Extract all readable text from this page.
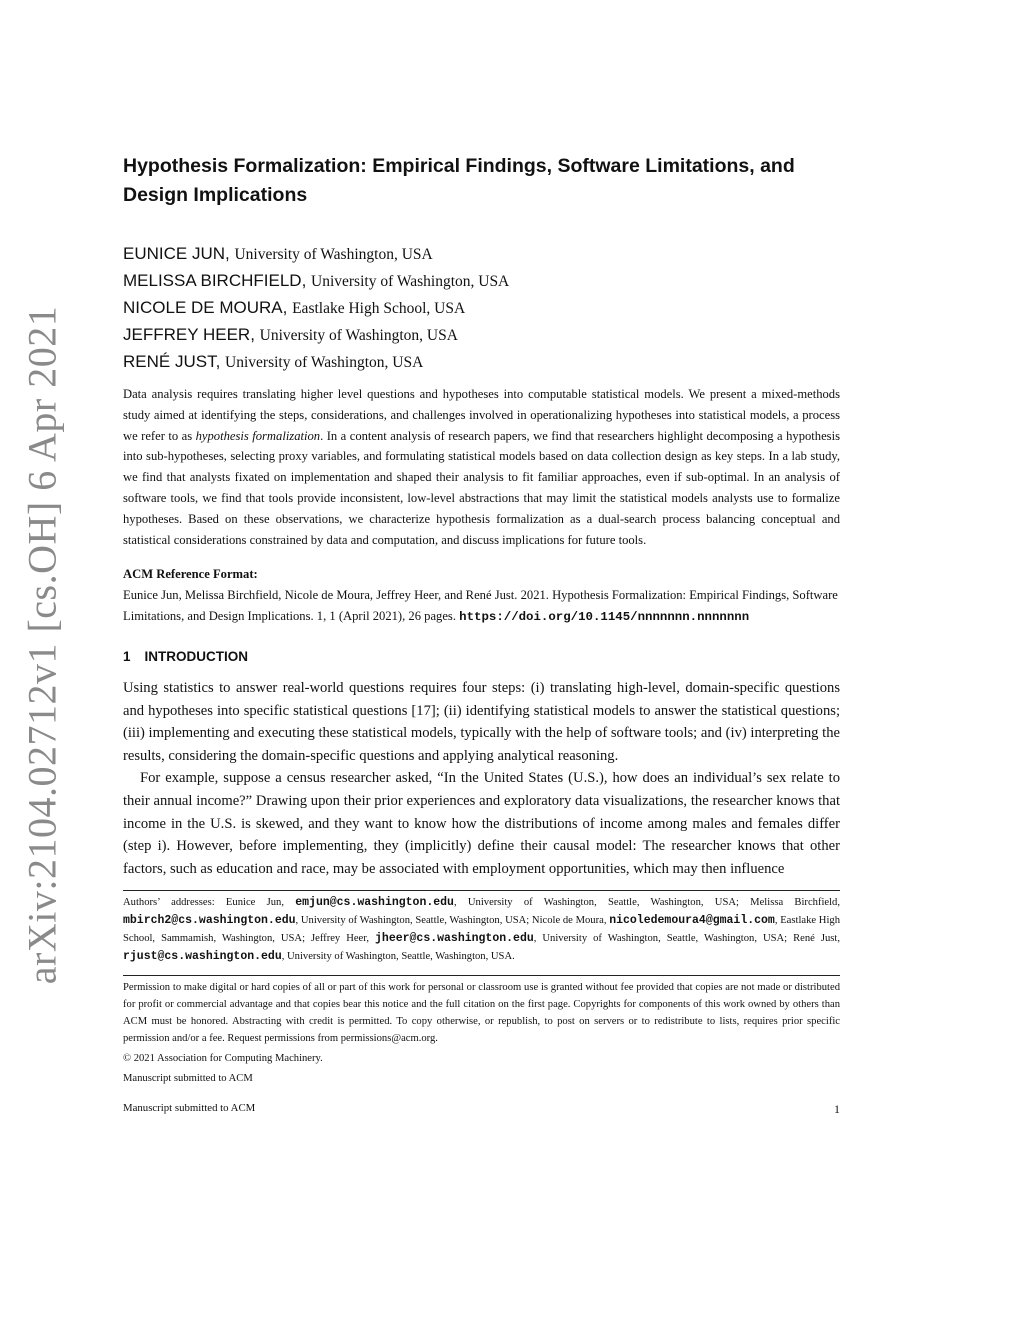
arXiv:2104.02712v1 [cs.OH] 6 Apr 2021
Hypothesis Formalization: Empirical Findings, Software Limitations, and Design Implications
EUNICE JUN, University of Washington, USA
MELISSA BIRCHFIELD, University of Washington, USA
NICOLE DE MOURA, Eastlake High School, USA
JEFFREY HEER, University of Washington, USA
RENÉ JUST, University of Washington, USA
Data analysis requires translating higher level questions and hypotheses into computable statistical models. We present a mixed-methods study aimed at identifying the steps, considerations, and challenges involved in operationalizing hypotheses into statistical models, a process we refer to as hypothesis formalization. In a content analysis of research papers, we find that researchers highlight decomposing a hypothesis into sub-hypotheses, selecting proxy variables, and formulating statistical models based on data collection design as key steps. In a lab study, we find that analysts fixated on implementation and shaped their analysis to fit familiar approaches, even if sub-optimal. In an analysis of software tools, we find that tools provide inconsistent, low-level abstractions that may limit the statistical models analysts use to formalize hypotheses. Based on these observations, we characterize hypothesis formalization as a dual-search process balancing conceptual and statistical considerations constrained by data and computation, and discuss implications for future tools.
ACM Reference Format:
Eunice Jun, Melissa Birchfield, Nicole de Moura, Jeffrey Heer, and René Just. 2021. Hypothesis Formalization: Empirical Findings, Software Limitations, and Design Implications. 1, 1 (April 2021), 26 pages. https://doi.org/10.1145/nnnnnnn.nnnnnnn
1 INTRODUCTION

Using statistics to answer real-world questions requires four steps: (i) translating high-level, domain-specific questions and hypotheses into specific statistical questions [17]; (ii) identifying statistical models to answer the statistical questions; (iii) implementing and executing these statistical models, typically with the help of software tools; and (iv) interpreting the results, considering the domain-specific questions and applying analytical reasoning.

For example, suppose a census researcher asked, “In the United States (U.S.), how does an individual’s sex relate to their annual income?” Drawing upon their prior experiences and exploratory data visualizations, the researcher knows that income in the U.S. is skewed, and they want to know how the distributions of income among males and females differ (step i). However, before implementing, they (implicitly) define their causal model: The researcher knows that other factors, such as education and race, may be associated with employment opportunities, which may then influence

Authors’ addresses: Eunice Jun, emjun@cs.washington.edu, University of Washington, Seattle, Washington, USA; Melissa Birchfield, mbirch2@cs.washington.edu, University of Washington, Seattle, Washington, USA; Nicole de Moura, nicoledemoura4@gmail.com, Eastlake High School, Sammamish, Washington, USA; Jeffrey Heer, jheer@cs.washington.edu, University of Washington, Seattle, Washington, USA; René Just, rjust@cs.washington.edu, University of Washington, Seattle, Washington, USA.
Permission to make digital or hard copies of all or part of this work for personal or classroom use is granted without fee provided that copies are not made or distributed for profit or commercial advantage and that copies bear this notice and the full citation on the first page. Copyrights for components of this work owned by others than ACM must be honored. Abstracting with credit is permitted. To copy otherwise, or republish, to post on servers or to redistribute to lists, requires prior specific permission and/or a fee. Request permissions from permissions@acm.org.
© 2021 Association for Computing Machinery.
Manuscript submitted to ACM
Manuscript submitted to ACM	1
